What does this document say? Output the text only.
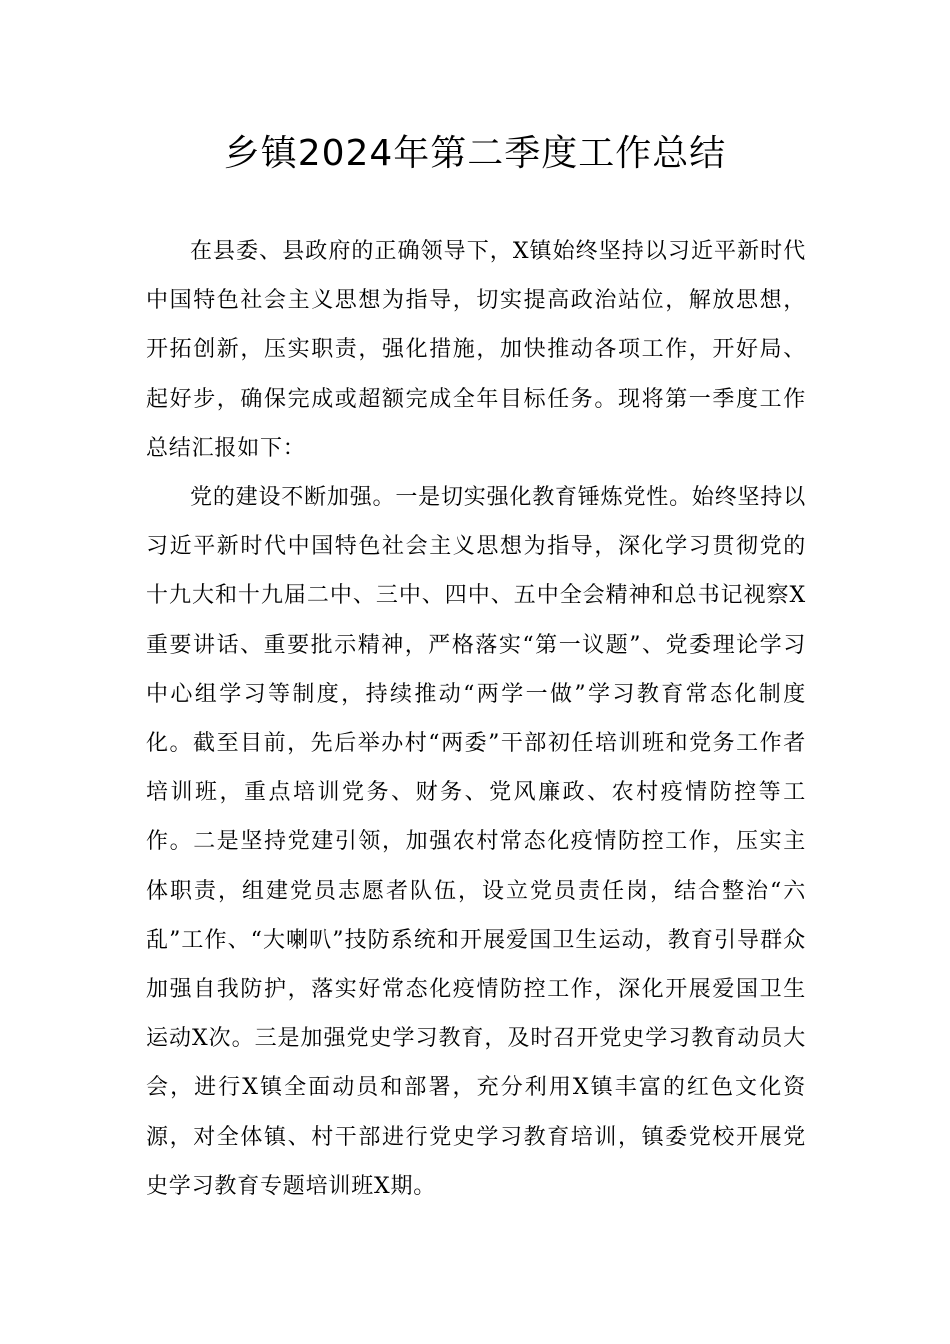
乡镇2024年第二季度工作总结

在县委、县政府的正确领导下，X镇始终坚持以习近平新时代中国特色社会主义思想为指导，切实提高政治站位，解放思想，开拓创新，压实职责，强化措施，加快推动各项工作，开好局、起好步，确保完成或超额完成全年目标任务。现将第一季度工作总结汇报如下：

党的建设不断加强。一是切实强化教育锤炼党性。始终坚持以习近平新时代中国特色社会主义思想为指导，深化学习贯彻党的十九大和十九届二中、三中、四中、五中全会精神和总书记视察X重要讲话、重要批示精神，严格落实“第一议题”、党委理论学习中心组学习等制度，持续推动“两学一做”学习教育常态化制度化。截至目前，先后举办村“两委”干部初任培训班和党务工作者培训班，重点培训党务、财务、党风廉政、农村疫情防控等工作。二是坚持党建引领，加强农村常态化疫情防控工作，压实主体职责，组建党员志愿者队伍，设立党员责任岗，结合整治“六乱”工作、“大喇叭”技防系统和开展爱国卫生运动，教育引导群众加强自我防护，落实好常态化疫情防控工作，深化开展爱国卫生运动X次。三是加强党史学习教育，及时召开党史学习教育动员大会，进行X镇全面动员和部署，充分利用X镇丰富的红色文化资源，对全体镇、村干部进行党史学习教育培训，镇委党校开展党史学习教育专题培训班X期。
